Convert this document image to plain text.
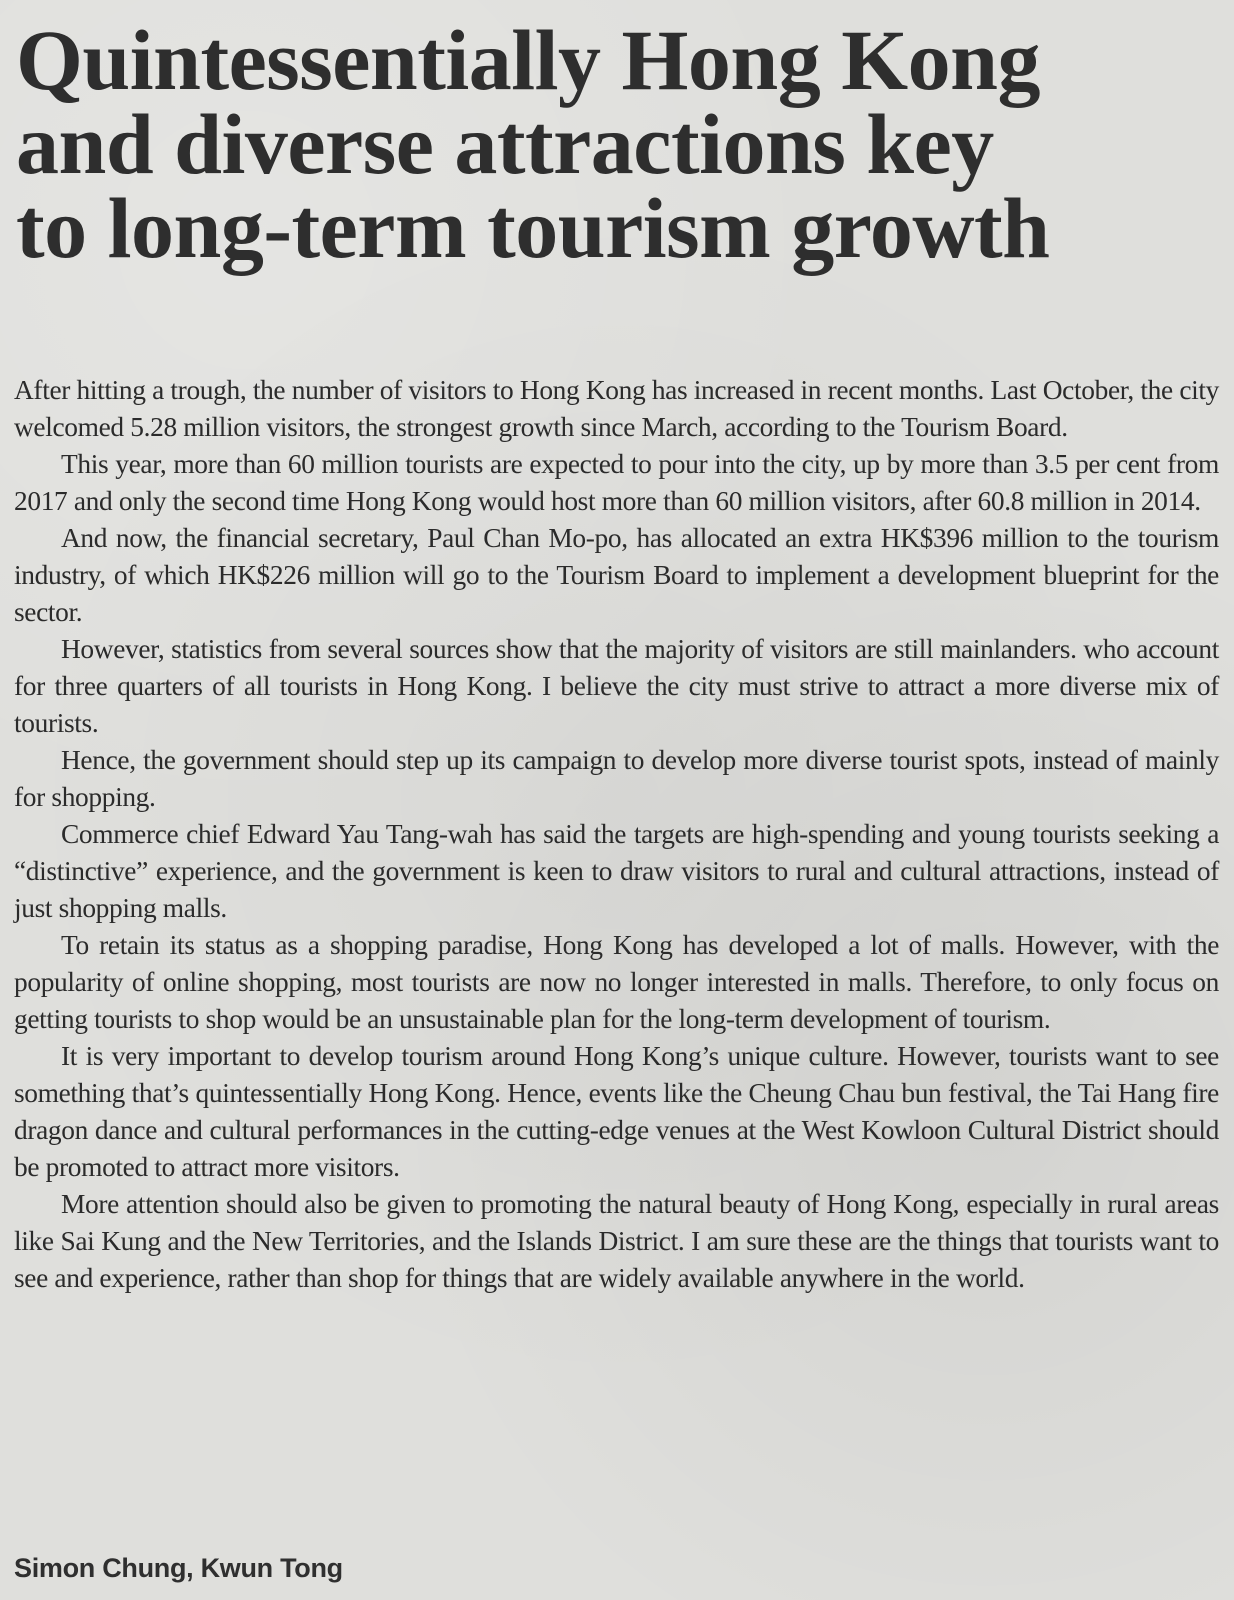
Quintessentially Hong Kong
and diverse attractions key
to long-term tourism growth

After hitting a trough, the number of visitors to Hong Kong has increased in recent months. Last October, the city welcomed 5.28 million visitors, the strongest growth since March, according to the Tourism Board.

This year, more than 60 million tourists are expected to pour into the city, up by more than 3.5 per cent from 2017 and only the second time Hong Kong would host more than 60 million visitors, after 60.8 million in 2014.

And now, the financial secretary, Paul Chan Mo-po, has allocated an extra HK$396 million to the tourism industry, of which HK$226 million will go to the Tourism Board to implement a development blueprint for the sector.

However, statistics from several sources show that the majority of visitors are still mainlanders. who account for three quarters of all tourists in Hong Kong. I believe the city must strive to attract a more diverse mix of tourists.

Hence, the government should step up its campaign to develop more diverse tourist spots, instead of mainly for shopping.

Commerce chief Edward Yau Tang-wah has said the targets are high-spending and young tourists seeking a “distinctive” experience, and the government is keen to draw visitors to rural and cultural attractions, instead of just shopping malls.

To retain its status as a shopping paradise, Hong Kong has developed a lot of malls. However, with the popularity of online shopping, most tourists are now no longer interested in malls. Therefore, to only focus on getting tourists to shop would be an unsustainable plan for the long-term development of tourism.

It is very important to develop tourism around Hong Kong’s unique culture. However, tourists want to see something that’s quintessentially Hong Kong. Hence, events like the Cheung Chau bun festival, the Tai Hang fire dragon dance and cultural performances in the cutting-edge venues at the West Kowloon Cultural District should be promoted to attract more visitors.

More attention should also be given to promoting the natural beauty of Hong Kong, especially in rural areas like Sai Kung and the New Territories, and the Islands District. I am sure these are the things that tourists want to see and experience, rather than shop for things that are widely available anywhere in the world.

Simon Chung, Kwun Tong
